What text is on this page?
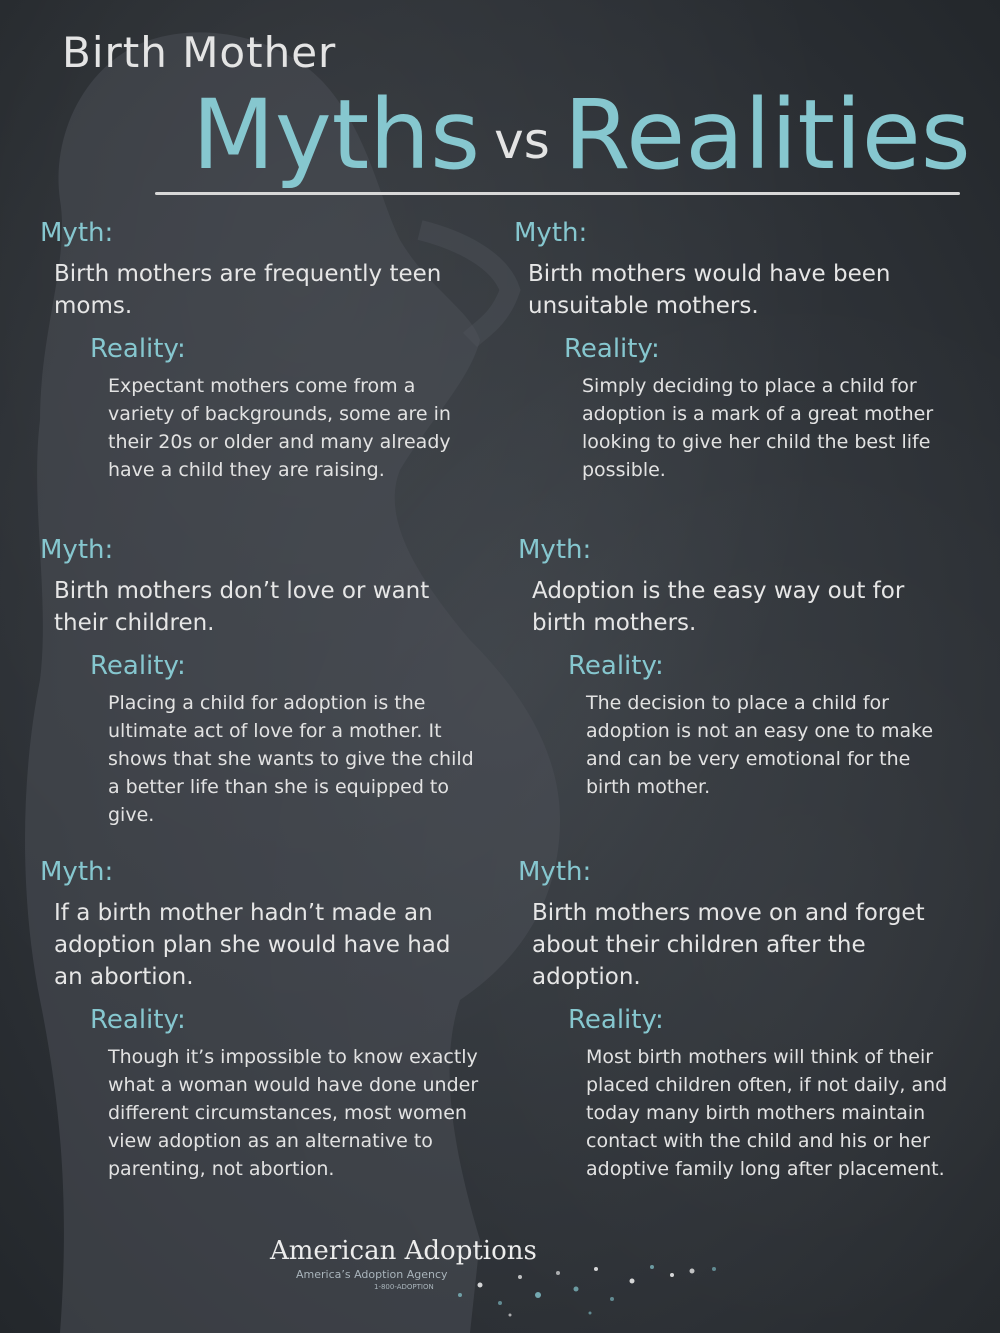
Birth Mother
Myths vs Realities
Myth:
Birth mothers are frequently teen moms.
Reality:
Expectant mothers come from a variety of backgrounds, some are in their 20s or older and many already have a child they are raising.
Myth:
Birth mothers would have been unsuitable mothers.
Reality:
Simply deciding to place a child for adoption is a mark of a great mother looking to give her child the best life possible.
Myth:
Birth mothers don’t love or want their children.
Reality:
Placing a child for adoption is the ultimate act of love for a mother. It shows that she wants to give the child a better life than she is equipped to give.
Myth:
Adoption is the easy way out for birth mothers.
Reality:
The decision to place a child for adoption is not an easy one to make and can be very emotional for the birth mother.
Myth:
If a birth mother hadn’t made an adoption plan she would have had an abortion.
Reality:
Though it’s impossible to know exactly what a woman would have done under different circumstances, most women view adoption as an alternative to parenting, not abortion.
Myth:
Birth mothers move on and forget about their children after the adoption.
Reality:
Most birth mothers will think of their placed children often, if not daily, and today many birth mothers maintain contact with the child and his or her adoptive family long after placement.
American Adoptions
America’s Adoption Agency
1-800-ADOPTION
